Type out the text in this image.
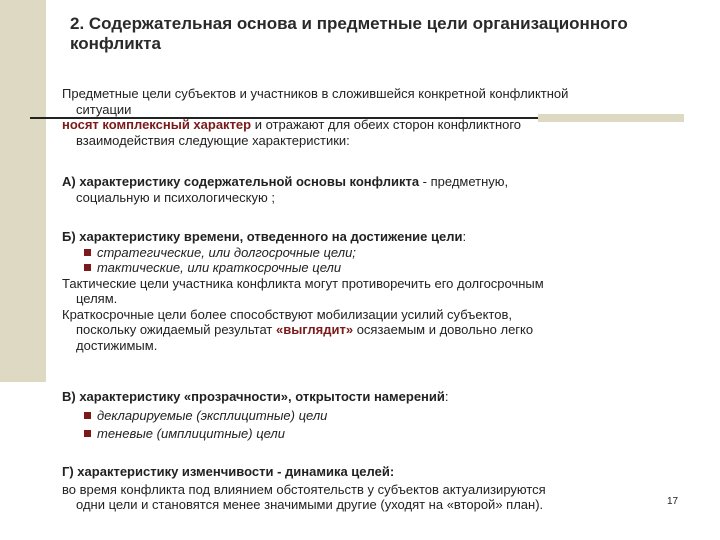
2. Содержательная основа и предметные цели организационного
конфликта

Предметные цели субъектов и участников в сложившейся конкретной конфликтной

ситуации

носят комплексный характер и отражают для обеих сторон конфликтного

взаимодействия следующие характеристики:

А) характеристику содержательной основы конфликта - предметную,

социальную и психологическую ;

Б) характеристику времени, отведенного на достижение цели:

стратегические, или долгосрочные цели;

тактические, или краткосрочные цели

Тактические цели участника конфликта могут противоречить его долгосрочным

целям.

Краткосрочные цели более способствуют мобилизации усилий субъектов,

поскольку ожидаемый результат «выглядит» осязаемым и довольно легко

достижимым.

В) характеристику «прозрачности», открытости намерений:

декларируемые (эксплицитные) цели

теневые (имплицитные) цели

Г) характеристику изменчивости - динамика целей:

во время конфликта под влиянием обстоятельств у субъектов актуализируются

одни цели и становятся менее значимыми другие (уходят на «второй» план).	17
